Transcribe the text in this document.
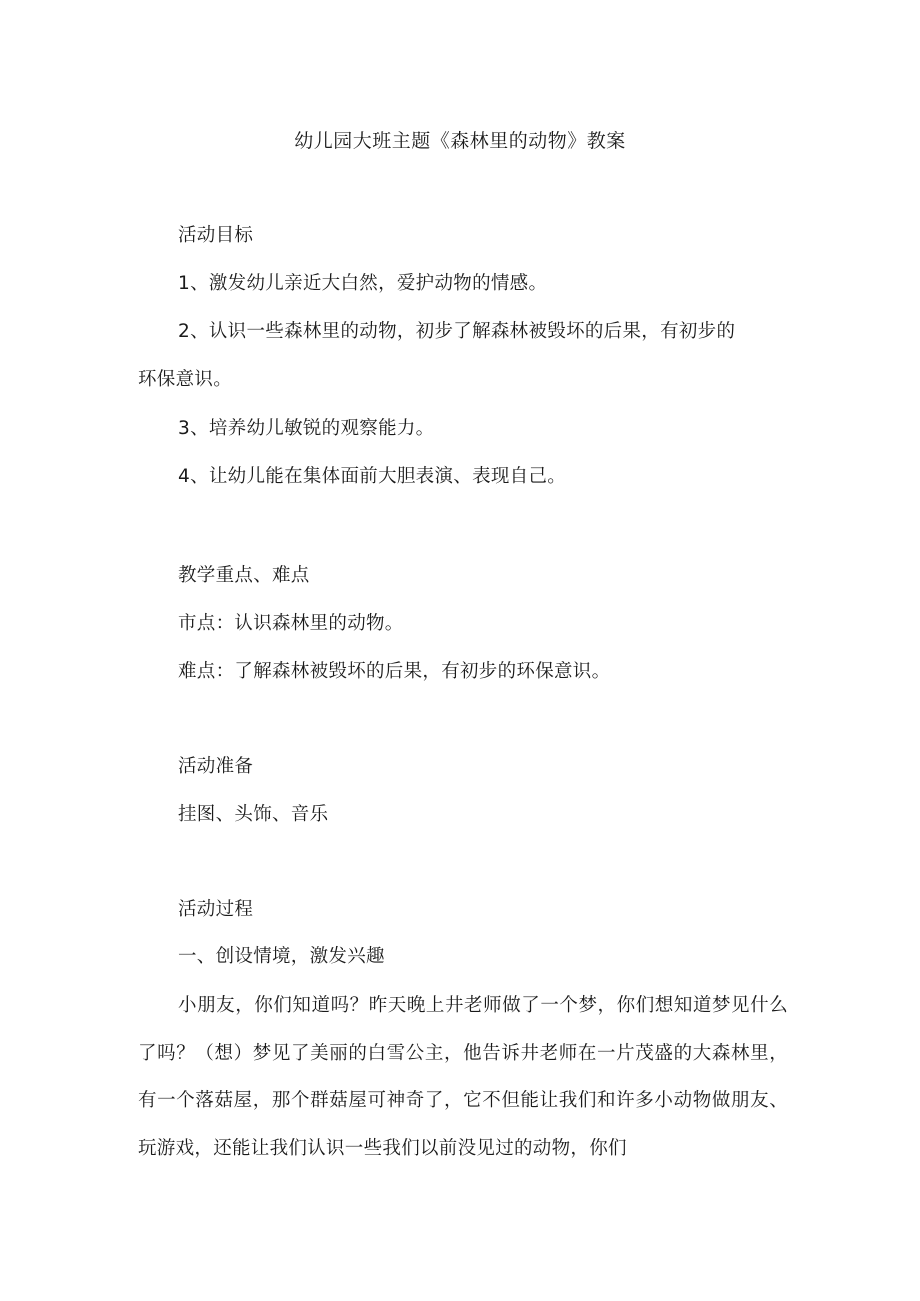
幼儿园大班主题《森林里的动物》教案
活动目标
1、激发幼儿亲近大白然，爱护动物的情感。
2、认识一些森林里的动物，初步了解森林被毁坏的后果，有初步的
环保意识。
3、培养幼儿敏锐的观察能力。
4、让幼儿能在集体面前大胆表演、表现自己。
教学重点、难点
市点：认识森林里的动物。
难点：了解森林被毁坏的后果，有初步的环保意识。
活动准备
挂图、头饰、音乐
活动过程
一、创设情境，激发兴趣
小朋友，你们知道吗？昨天晚上井老师做了一个梦，你们想知道梦见什么了吗？（想）梦见了美丽的白雪公主，他告诉井老师在一片茂盛的大森林里，有一个落菇屋，那个群菇屋可神奇了，它不但能让我们和许多小动物做朋友、玩游戏，还能让我们认识一些我们以前没见过的动物，你们
